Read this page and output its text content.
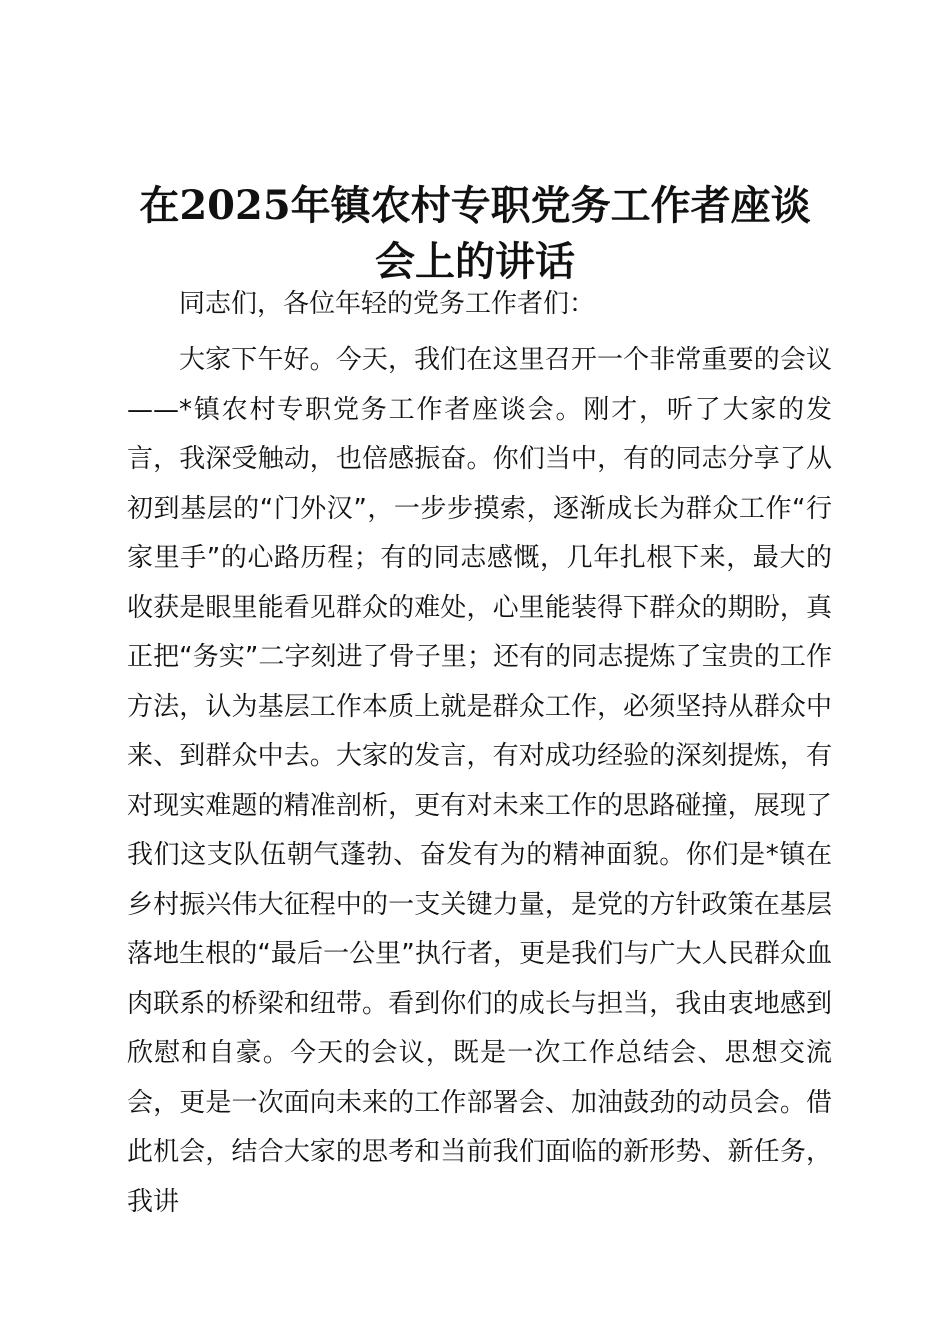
在2025年镇农村专职党务工作者座谈会上的讲话

同志们，各位年轻的党务工作者们：

大家下午好。今天，我们在这里召开一个非常重要的会议——*镇农村专职党务工作者座谈会。刚才，听了大家的发言，我深受触动，也倍感振奋。你们当中，有的同志分享了从初到基层的“门外汉”，一步步摸索，逐渐成长为群众工作“行家里手”的心路历程；有的同志感慨，几年扎根下来，最大的收获是眼里能看见群众的难处，心里能装得下群众的期盼，真正把“务实”二字刻进了骨子里；还有的同志提炼了宝贵的工作方法，认为基层工作本质上就是群众工作，必须坚持从群众中来、到群众中去。大家的发言，有对成功经验的深刻提炼，有对现实难题的精准剖析，更有对未来工作的思路碰撞，展现了我们这支队伍朝气蓬勃、奋发有为的精神面貌。你们是*镇在乡村振兴伟大征程中的一支关键力量，是党的方针政策在基层落地生根的“最后一公里”执行者，更是我们与广大人民群众血肉联系的桥梁和纽带。看到你们的成长与担当，我由衷地感到欣慰和自豪。今天的会议，既是一次工作总结会、思想交流会，更是一次面向未来的工作部署会、加油鼓劲的动员会。借此机会，结合大家的思考和当前我们面临的新形势、新任务，我讲
